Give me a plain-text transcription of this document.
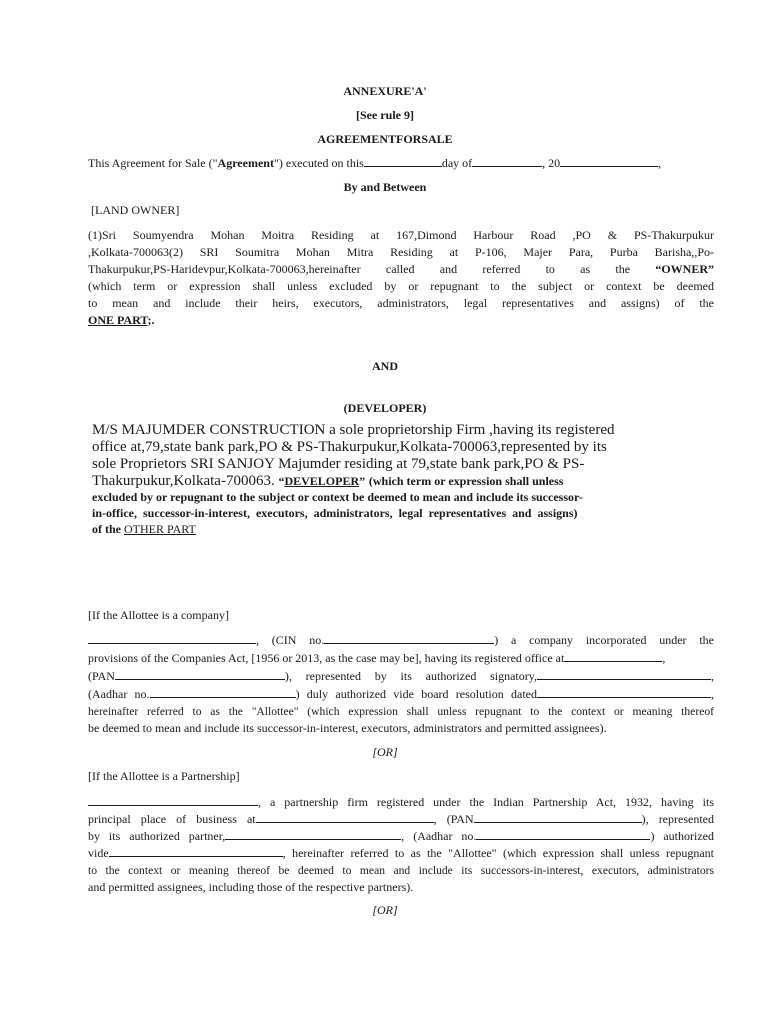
ANNEXURE'A'
[See rule 9]
AGREEMENTFORSALE
This Agreement for Sale ("Agreement") executed on this	day of	, 20	,
By and Between
[LAND OWNER]
(1)Sri Soumyendra Mohan Moitra Residing at 167,Dimond Harbour Road ,PO & PS-Thakurpukur
,Kolkata-700063(2) SRI Soumitra Mohan Mitra Residing at P-106, Majer Para, Purba Barisha,,Po-
Thakurpukur,PS-Haridevpur,Kolkata-700063,hereinafter called and referred to as the “OWNER”
(which term or expression shall unless excluded by or repugnant to the subject or context be deemed
to mean and include their heirs, executors, administrators, legal representatives and assigns) of the
ONE PART;.
AND
(DEVELOPER)
M/S MAJUMDER CONSTRUCTION a sole proprietorship Firm ,having its registered
office at,79,state bank park,PO & PS-Thakurpukur,Kolkata-700063,represented by its
sole Proprietors SRI SANJOY Majumder residing at 79,state bank park,PO & PS-
Thakurpukur,Kolkata-700063. “DEVELOPER” (which term or expression shall unless
excluded by or repugnant to the subject or context be deemed to mean and include its successor-
in-office, successor-in-interest, executors, administrators, legal representatives and assigns)
of the OTHER PART
[If the Allottee is a company]
, (CIN no.	) a company incorporated under the
provisions of the Companies Act, [1956 or 2013, as the case may be], having its registered office at	,
(PAN	), represented by its authorized signatory,	,
(Aadhar no.	) duly authorized vide board resolution dated	,
hereinafter referred to as the "Allottee" (which expression shall unless repugnant to the context or meaning thereof
be deemed to mean and include its successor-in-interest, executors, administrators and permitted assignees).
[OR]
[If the Allottee is a Partnership]
, a partnership firm registered under the Indian Partnership Act, 1932, having its
principal place of business at	, (PAN	), represented
by its authorized partner,	, (Aadhar no.	) authorized
vide	, hereinafter referred to as the "Allottee" (which expression shall unless repugnant
to the context or meaning thereof be deemed to mean and include its successors-in-interest, executors, administrators
and permitted assignees, including those of the respective partners).
[OR]
